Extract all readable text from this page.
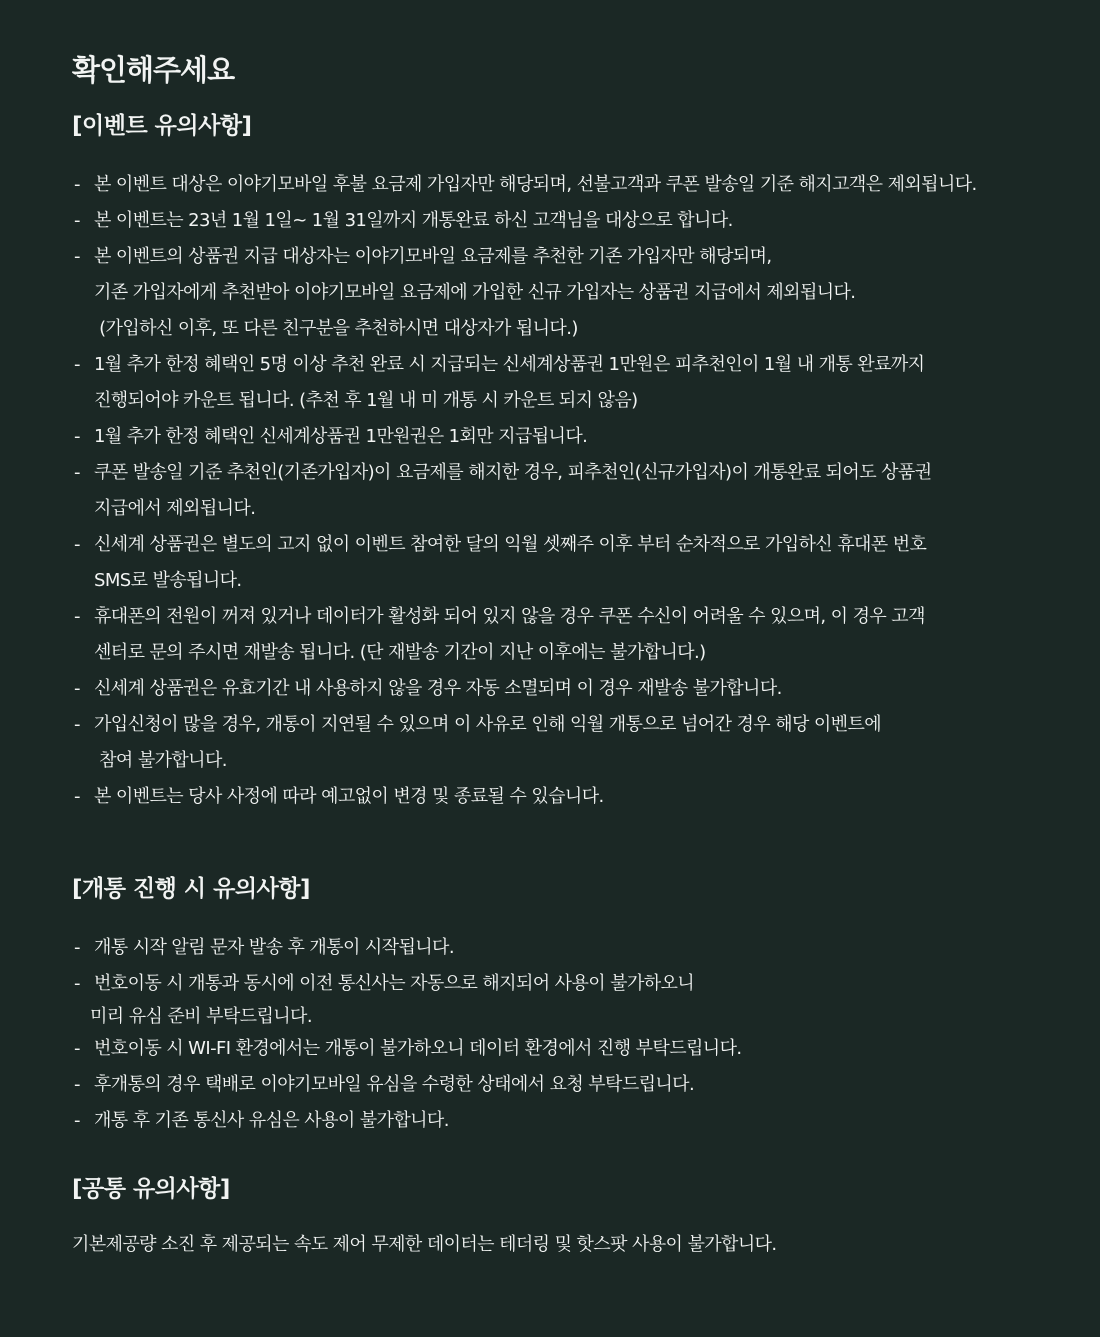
확인해주세요
[이벤트 유의사항]
- 본 이벤트 대상은 이야기모바일 후불 요금제 가입자만 해당되며, 선불고객과 쿠폰 발송일 기준 해지고객은 제외됩니다.
- 본 이벤트는 23년 1월 1일~ 1월 31일까지 개통완료 하신 고객님을 대상으로 합니다.
- 본 이벤트의 상품권 지급 대상자는 이야기모바일 요금제를 추천한 기존 가입자만 해당되며,
기존 가입자에게 추천받아 이야기모바일 요금제에 가입한 신규 가입자는 상품권 지급에서 제외됩니다.
(가입하신 이후, 또 다른 친구분을 추천하시면 대상자가 됩니다.)
- 1월 추가 한정 혜택인 5명 이상 추천 완료 시 지급되는 신세계상품권 1만원은 피추천인이 1월 내 개통 완료까지
진행되어야 카운트 됩니다. (추천 후 1월 내 미 개통 시 카운트 되지 않음)
- 1월 추가 한정 혜택인 신세계상품권 1만원권은 1회만 지급됩니다.
- 쿠폰 발송일 기준 추천인(기존가입자)이 요금제를 해지한 경우, 피추천인(신규가입자)이 개통완료 되어도 상품권
지급에서 제외됩니다.
- 신세계 상품권은 별도의 고지 없이 이벤트 참여한 달의 익월 셋째주 이후 부터 순차적으로 가입하신 휴대폰 번호
SMS로 발송됩니다.
- 휴대폰의 전원이 꺼져 있거나 데이터가 활성화 되어 있지 않을 경우 쿠폰 수신이 어려울 수 있으며, 이 경우 고객
센터로 문의 주시면 재발송 됩니다. (단 재발송 기간이 지난 이후에는 불가합니다.)
- 신세계 상품권은 유효기간 내 사용하지 않을 경우 자동 소멸되며 이 경우 재발송 불가합니다.
- 가입신청이 많을 경우, 개통이 지연될 수 있으며 이 사유로 인해 익월 개통으로 넘어간 경우 해당 이벤트에
참여 불가합니다.
- 본 이벤트는 당사 사정에 따라 예고없이 변경 및 종료될 수 있습니다.
[개통 진행 시 유의사항]
- 개통 시작 알림 문자 발송 후 개통이 시작됩니다.
- 번호이동 시 개통과 동시에 이전 통신사는 자동으로 해지되어 사용이 불가하오니
미리 유심 준비 부탁드립니다.
- 번호이동 시 WI-FI 환경에서는 개통이 불가하오니 데이터 환경에서 진행 부탁드립니다.
- 후개통의 경우 택배로 이야기모바일 유심을 수령한 상태에서 요청 부탁드립니다.
- 개통 후 기존 통신사 유심은 사용이 불가합니다.
[공통 유의사항]
기본제공량 소진 후 제공되는 속도 제어 무제한 데이터는 테더링 및 핫스팟 사용이 불가합니다.
